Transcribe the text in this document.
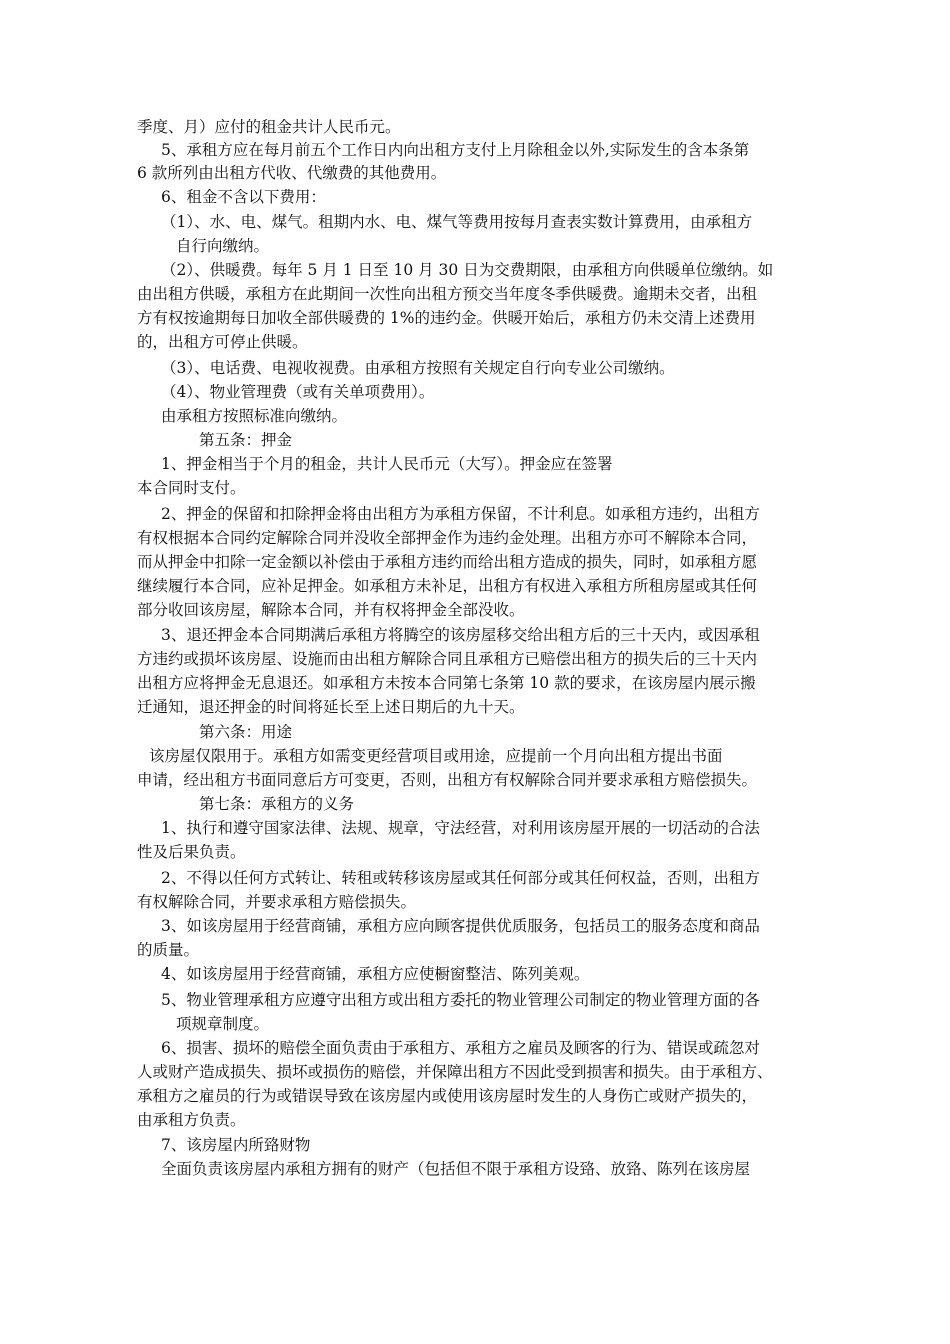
季度、月）应付的租金共计人民币元。
5、承租方应在每月前五个工作日内向出租方支付上月除租金以外,实际发生的含本条第
6 款所列由出租方代收、代缴费的其他费用。
6、租金不含以下费用：
（1）、水、电、煤气。租期内水、电、煤气等费用按每月查表实数计算费用，由承租方
自行向缴纳。
（2）、供暖费。每年 5 月 1 日至 10 月 30 日为交费期限，由承租方向供暖单位缴纳。如
由出租方供暖，承租方在此期间一次性向出租方预交当年度冬季供暖费。逾期未交者，出租
方有权按逾期每日加收全部供暖费的 1%的违约金。供暖开始后，承租方仍未交清上述费用
的，出租方可停止供暖。
（3）、电话费、电视收视费。由承租方按照有关规定自行向专业公司缴纳。
（4）、物业管理费（或有关单项费用）。
由承租方按照标准向缴纳。
第五条：押金
1、押金相当于个月的租金，共计人民币元（大写）。押金应在签署
本合同时支付。
2、押金的保留和扣除押金将由出租方为承租方保留，不计利息。如承租方违约，出租方
有权根据本合同约定解除合同并没收全部押金作为违约金处理。出租方亦可不解除本合同，
而从押金中扣除一定金额以补偿由于承租方违约而给出租方造成的损失，同时，如承租方愿
继续履行本合同，应补足押金。如承租方未补足，出租方有权进入承租方所租房屋或其任何
部分收回该房屋，解除本合同，并有权将押金全部没收。
3、退还押金本合同期满后承租方将腾空的该房屋移交给出租方后的三十天内，或因承租
方违约或损坏该房屋、设施而由出租方解除合同且承租方已赔偿出租方的损失后的三十天内
出租方应将押金无息退还。如承租方未按本合同第七条第 10 款的要求，在该房屋内展示搬
迁通知，退还押金的时间将延长至上述日期后的九十天。
第六条：用途
该房屋仅限用于。承租方如需变更经营项目或用途，应提前一个月向出租方提出书面
申请，经出租方书面同意后方可变更，否则，出租方有权解除合同并要求承租方赔偿损失。
第七条：承租方的义务
1、执行和遵守国家法律、法规、规章，守法经营，对利用该房屋开展的一切活动的合法
性及后果负责。
2、不得以任何方式转让、转租或转移该房屋或其任何部分或其任何权益，否则，出租方
有权解除合同，并要求承租方赔偿损失。
3、如该房屋用于经营商铺，承租方应向顾客提供优质服务，包括员工的服务态度和商品
的质量。
4、如该房屋用于经营商铺，承租方应使橱窗整洁、陈列美观。
5、物业管理承租方应遵守出租方或出租方委托的物业管理公司制定的物业管理方面的各
项规章制度。
6、损害、损坏的赔偿全面负责由于承租方、承租方之雇员及顾客的行为、错误或疏忽对
人或财产造成损失、损坏或损伤的赔偿，并保障出租方不因此受到损害和损失。由于承租方、
承租方之雇员的行为或错误导致在该房屋内或使用该房屋时发生的人身伤亡或财产损失的，
由承租方负责。
7、该房屋内所臵财物
全面负责该房屋内承租方拥有的财产（包括但不限于承租方设臵、放臵、陈列在该房屋
